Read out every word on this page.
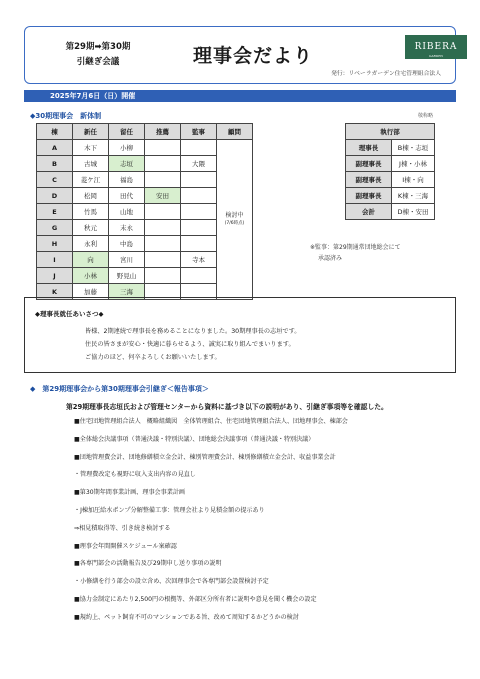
第29期➡第30期
引継ぎ会議	理事会だより	RIBERA
GARDEN
発行：リベーラガーデン住宅管理組合法人
2025年7月6日（日）開催
◆30期理事会　新体制	敬称略
棟	新任	留任	推薦	監事	顧問
A	木下	小柳			検討中
(7/6時点)

B	古城	志垣		大隈	
C	菱ケ江	福島			
D	松岡	田代	安田		
E	竹馬	山地			
G	秋元	末永			
H	永利	中島			
I	向	宮川		寺本	
J	小林	野見山			
K	加藤	三海			
執行部	
理事長	B棟・志垣
副理事長	J棟・小林
副理事長	I棟・向
副理事長	K棟・三海
会計	D棟・安田
※監事：第29期通常団地総会にて
承認済み
◆理事長就任あいさつ◆
皆様、2期連続で理事長を務めることになりました。30期理事長の志垣です。
住民の皆さまが安心・快適に暮らせるよう、誠実に取り組んでまいります。
ご協力のほど、何卒よろしくお願いいたします。
◆　第29期理事会から第30期理事会引継ぎ＜報告事項＞
第29期理事長志垣氏および管理センターから資料に基づき以下の説明があり、引継ぎ事項等を確認した。
■住宅団地管理組合法人　概略組織図　全体管理組合、住宅団地管理組合法人、団地理事会、棟部会
■全体総会決議事項（普通決議・特別決議）、団地総会決議事項（普通決議・特別決議）
■団地管理費会計、団地修繕積立金会計、棟別管理費会計、棟別修繕積立金会計、収益事業会計
・管理費改定も視野に収入支出内容の見直し
■第30期年間事業計画、理事会事業計画
・J棟加圧給水ポンプ分解整備工事：管理会社より見積金額の提示あり
⇒相見積取得等、引き続き検討する
■理事会年間開催スケジュール案確認
■各専門部会の活動報告及び29期申し送り事項の説明
・小修繕を行う部会の設立含め、次回理事会で各専門部会設置検討予定
■協力金制定にあたり2,500円の根拠等、外部区分所有者に説明や意見を聞く機会の設定
■規約上、ペット飼育不可のマンションである旨、改めて周知するかどうかの検討
